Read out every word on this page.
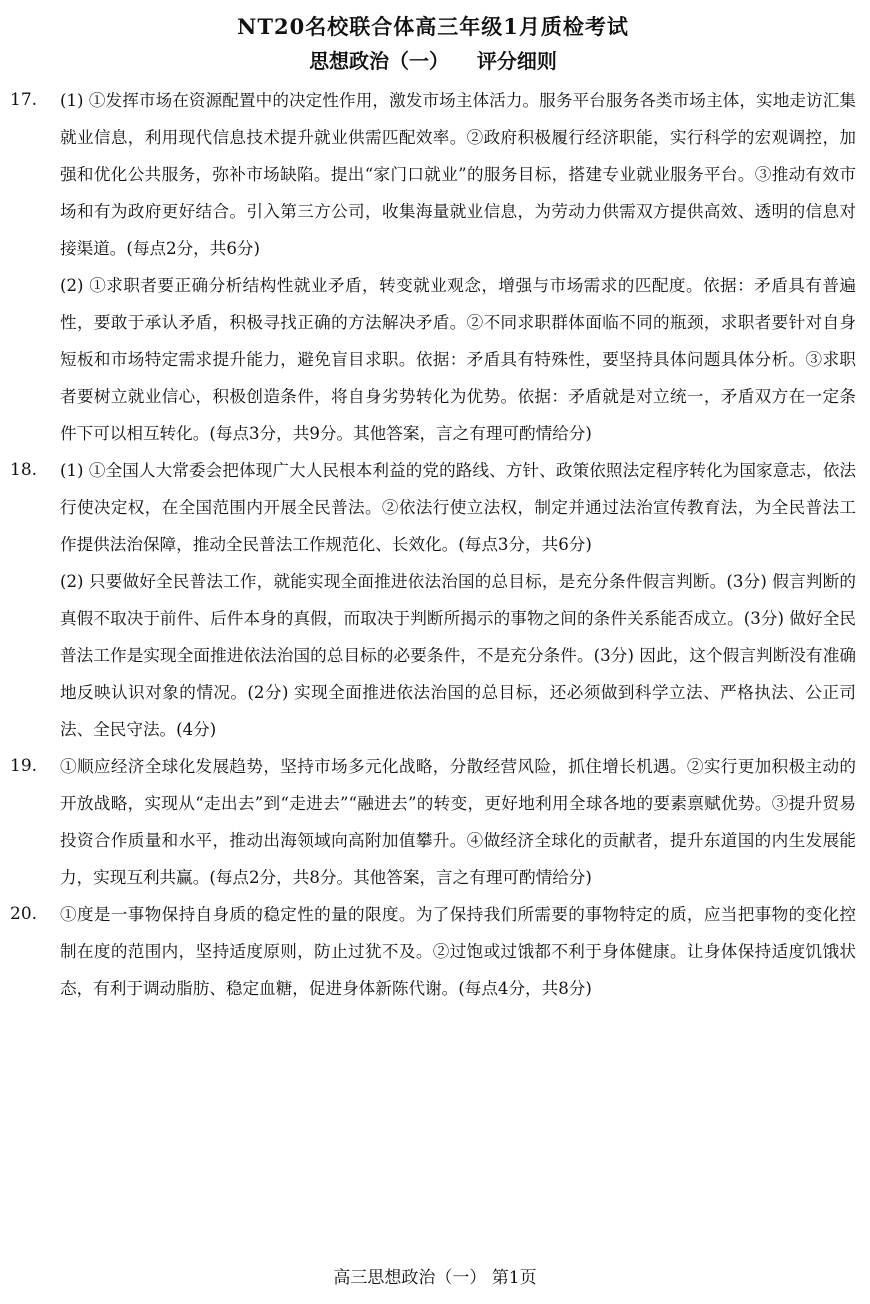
NT20名校联合体高三年级1月质检考试
思想政治（一）    评分细则
17.	(1) ①发挥市场在资源配置中的决定性作用，激发市场主体活力。服务平台服务各类市场主体，实地走访汇集就业信息，利用现代信息技术提升就业供需匹配效率。②政府积极履行经济职能，实行科学的宏观调控，加强和优化公共服务，弥补市场缺陷。提出“家门口就业”的服务目标，搭建专业就业服务平台。③推动有效市场和有为政府更好结合。引入第三方公司，收集海量就业信息，为劳动力供需双方提供高效、透明的信息对接渠道。(每点2分，共6分)

(2) ①求职者要正确分析结构性就业矛盾，转变就业观念，增强与市场需求的匹配度。依据：矛盾具有普遍性，要敢于承认矛盾，积极寻找正确的方法解决矛盾。②不同求职群体面临不同的瓶颈，求职者要针对自身短板和市场特定需求提升能力，避免盲目求职。依据：矛盾具有特殊性，要坚持具体问题具体分析。③求职者要树立就业信心，积极创造条件，将自身劣势转化为优势。依据：矛盾就是对立统一，矛盾双方在一定条件下可以相互转化。(每点3分，共9分。其他答案，言之有理可酌情给分)

18.	(1) ①全国人大常委会把体现广大人民根本利益的党的路线、方针、政策依照法定程序转化为国家意志，依法行使决定权，在全国范围内开展全民普法。②依法行使立法权，制定并通过法治宣传教育法，为全民普法工作提供法治保障，推动全民普法工作规范化、长效化。(每点3分，共6分)

(2) 只要做好全民普法工作，就能实现全面推进依法治国的总目标，是充分条件假言判断。(3分) 假言判断的真假不取决于前件、后件本身的真假，而取决于判断所揭示的事物之间的条件关系能否成立。(3分) 做好全民普法工作是实现全面推进依法治国的总目标的必要条件，不是充分条件。(3分) 因此，这个假言判断没有准确地反映认识对象的情况。(2分) 实现全面推进依法治国的总目标，还必须做到科学立法、严格执法、公正司法、全民守法。(4分)

19.	①顺应经济全球化发展趋势，坚持市场多元化战略，分散经营风险，抓住增长机遇。②实行更加积极主动的开放战略，实现从“走出去”到“走进去”“融进去”的转变，更好地利用全球各地的要素禀赋优势。③提升贸易投资合作质量和水平，推动出海领域向高附加值攀升。④做经济全球化的贡献者，提升东道国的内生发展能力，实现互利共赢。(每点2分，共8分。其他答案，言之有理可酌情给分)

20.	①度是一事物保持自身质的稳定性的量的限度。为了保持我们所需要的事物特定的质，应当把事物的变化控制在度的范围内，坚持适度原则，防止过犹不及。②过饱或过饿都不利于身体健康。让身体保持适度饥饿状态，有利于调动脂肪、稳定血糖，促进身体新陈代谢。(每点4分，共8分)

高三思想政治（一） 第1页
